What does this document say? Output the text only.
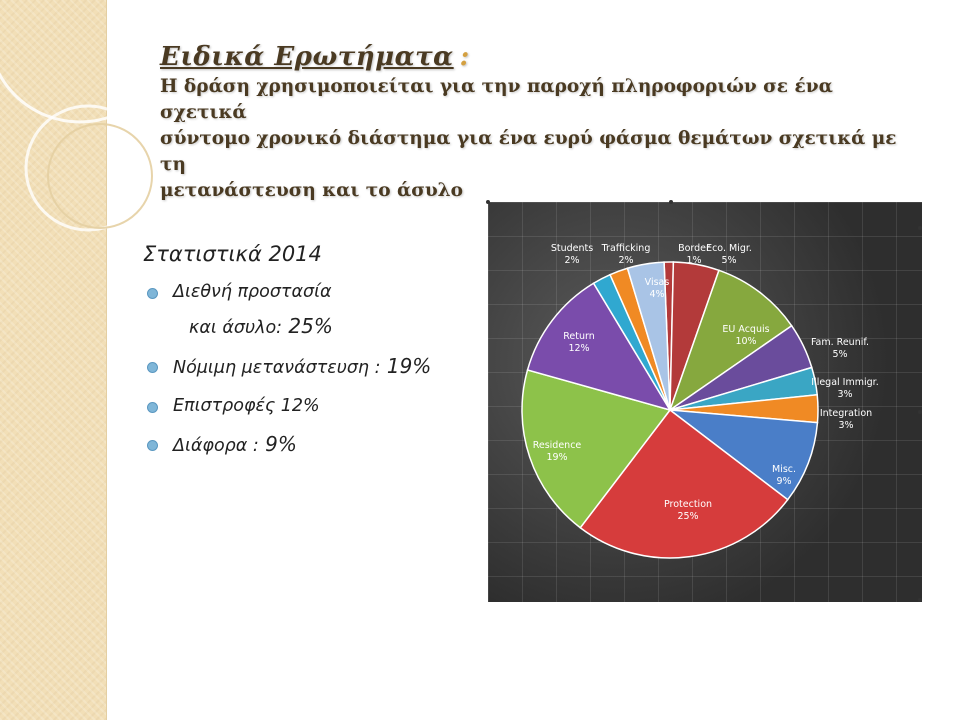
Ειδικά Ερωτήματα :
Η δράση χρησιμοποιείται για την παροχή πληροφοριών σε ένα σχετικά
σύντομο χρονικό διάστημα για ένα ευρύ φάσμα θεμάτων σχετικά με τη
μετανάστευση και το άσυλο
Στατιστικά 2014
Διεθνή προστασία
και άσυλο: 25%
Νόμιμη μετανάστευση : 19%
Επιστροφές 12%
Διάφορα : 9%
Border 1%
Eco. Migr. 5%
EU Acquis 10%	Fam. Reunif. 5%
Illegal Immigr. 3%
Integration 3%
Misc. 9%
Protection 25%
Residence 19%
Return 12%
Students 2%
Trafficking 2%
Visas 4%
